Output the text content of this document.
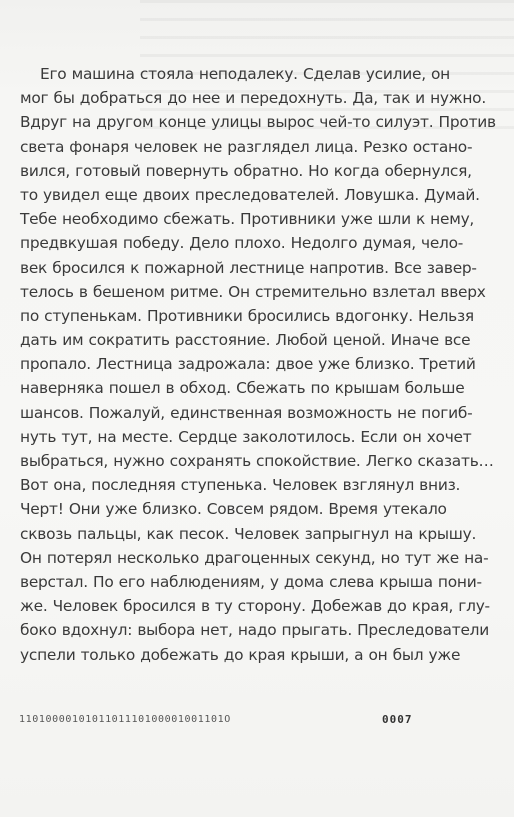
Его машина стояла неподалеку. Сделав усилие, он
мог бы добраться до нее и передохнуть. Да, так и нужно.
Вдруг на другом конце улицы вырос чей-то силуэт. Против
света фонаря человек не разглядел лица. Резко остано-
вился, готовый повернуть обратно. Но когда обернулся,
то увидел еще двоих преследователей. Ловушка. Думай.
Тебе необходимо сбежать. Противники уже шли к нему,
предвкушая победу. Дело плохо. Недолго думая, чело-
век бросился к пожарной лестнице напротив. Все завер-
телось в бешеном ритме. Он стремительно взлетал вверх
по ступенькам. Противники бросились вдогонку. Нельзя
дать им сократить расстояние. Любой ценой. Иначе все
пропало. Лестница задрожала: двое уже близко. Третий
наверняка пошел в обход. Сбежать по крышам больше
шансов. Пожалуй, единственная возможность не погиб-
нуть тут, на месте. Сердце заколотилось. Если он хочет
выбраться, нужно сохранять спокойствие. Легко сказать…
Вот она, последняя ступенька. Человек взглянул вниз.
Черт! Они уже близко. Совсем рядом. Время утекало
сквозь пальцы, как песок. Человек запрыгнул на крышу.
Он потерял несколько драгоценных секунд, но тут же на-
верстал. По его наблюдениям, у дома слева крыша пони-
же. Человек бросился в ту сторону. Добежав до края, глу-
боко вдохнул: выбора нет, надо прыгать. Преследователи
успели только добежать до края крыши, а он был уже
1101000010101101110100001001101O	0007
